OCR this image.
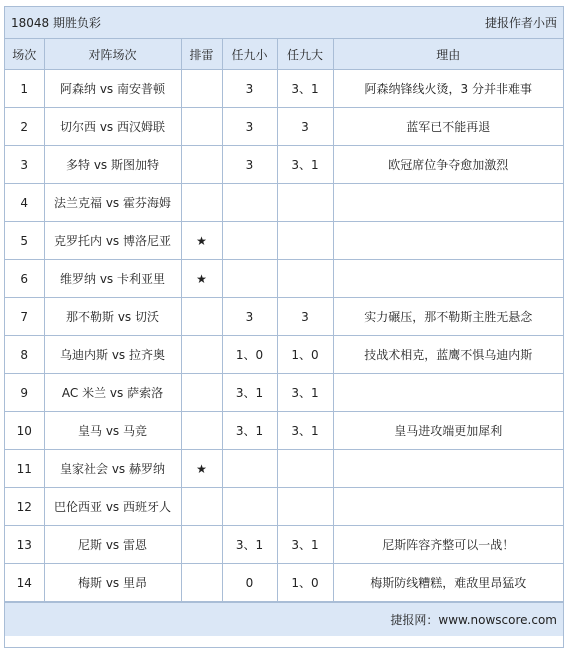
18048 期胜负彩	捷报作者小西
场次	对阵场次	排雷	任九小	任九大	理由
1	阿森纳 vs 南安普顿		3	3、1	阿森纳锋线火烫，3 分并非难事
2	切尔西 vs 西汉姆联		3	3	蓝军已不能再退
3	多特 vs 斯图加特		3	3、1	欧冠席位争夺愈加激烈
4	法兰克福 vs 霍芬海姆				
5	克罗托内 vs 博洛尼亚	★			
6	维罗纳 vs 卡利亚里	★			
7	那不勒斯 vs 切沃		3	3	实力碾压，那不勒斯主胜无悬念
8	乌迪内斯 vs 拉齐奥		1、0	1、0	技战术相克，蓝鹰不惧乌迪内斯
9	AC 米兰 vs 萨索洛		3、1	3、1	
10	皇马 vs 马竞		3、1	3、1	皇马进攻端更加犀利
11	皇家社会 vs 赫罗纳	★			
12	巴伦西亚 vs 西班牙人				
13	尼斯 vs 雷恩		3、1	3、1	尼斯阵容齐整可以一战！
14	梅斯 vs 里昂		0	1、0	梅斯防线糟糕，难敌里昂猛攻
捷报网：www.nowscore.com
